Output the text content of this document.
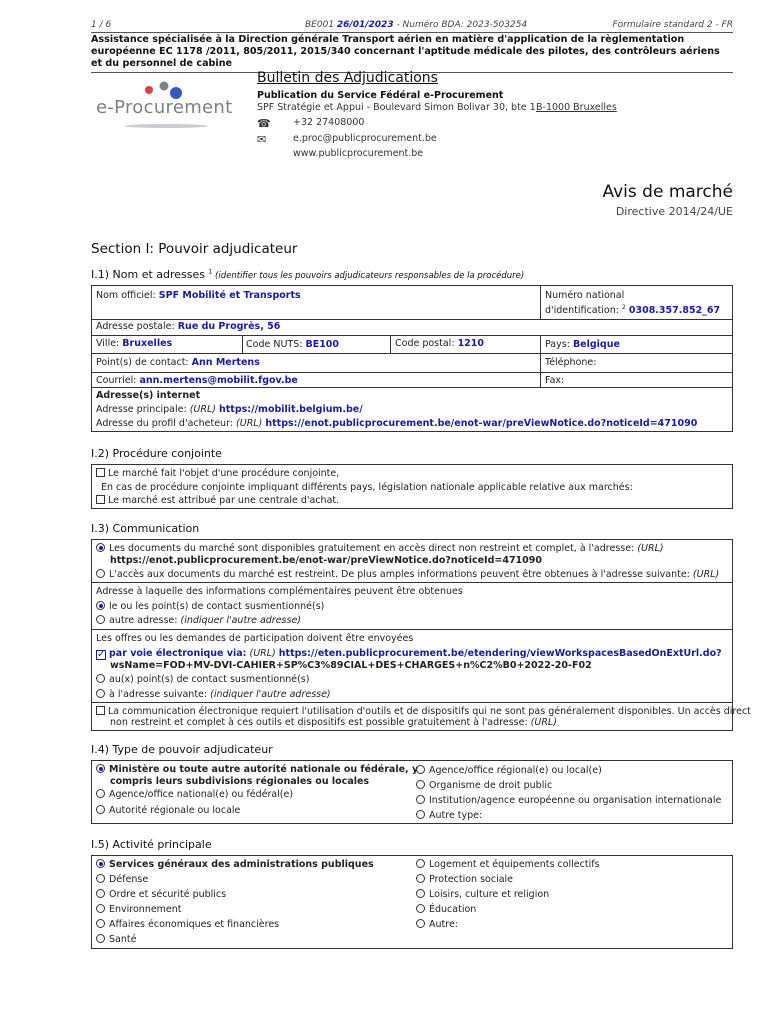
1 / 6	BE001 26/01/2023 - Numéro BDA: 2023-503254	Formulaire standard 2 - FR
Assistance spécialisée à la Direction générale Transport aérien en matière d'application de la règlementation européenne EC 1178 /2011, 805/2011, 2015/340 concernant l'aptitude médicale des pilotes, des contrôleurs aériens et du personnel de cabine
e-Procurement
Bulletin des Adjudications
Publication du Service Fédéral e-Procurement
SPF Stratégie et Appui - Boulevard Simon Bolivar 30, bte 1 B-1000 Bruxelles
☎ +32 27408000
✉	e.proc@publicprocurement.be
www.publicprocurement.be
Avis de marché
Directive 2014/24/UE
Section I: Pouvoir adjudicateur
I.1) Nom et adresses $^1$ (identifier tous les pouvoirs adjudicateurs responsables de la procédure)
Nom officiel: SPF Mobilité et Transports	Numéro national
d'identification: $^2$ 0308.357.852_67
Adresse postale: Rue du Progrès, 56
Ville: Bruxelles	Code NUTS: BE100	Code postal: 1210	Pays: Belgique
Point(s) de contact: Ann Mertens	Téléphone:
Courriel: ann.mertens@mobilit.fgov.be	Fax:
Adresse(s) internet
Adresse principale: (URL) https://mobilit.belgium.be/
Adresse du profil d'acheteur: (URL) https://enot.publicprocurement.be/enot-war/preViewNotice.do?noticeId=471090
I.2) Procédure conjointe
Le marché fait l'objet d'une procédure conjointe,
En cas de procédure conjointe impliquant différents pays, législation nationale applicable relative aux marchés:
Le marché est attribué par une centrale d'achat.
I.3) Communication
Les documents du marché sont disponibles gratuitement en accès direct non restreint et complet, à l'adresse: (URL)
https://enot.publicprocurement.be/enot-war/preViewNotice.do?noticeId=471090
L'accès aux documents du marché est restreint. De plus amples informations peuvent être obtenues à l'adresse suivante: (URL)
Adresse à laquelle des informations complémentaires peuvent être obtenues
le ou les point(s) de contact susmentionné(s)
autre adresse: (indiquer l'autre adresse)
Les offres ou les demandes de participation doivent être envoyées
✓ par voie électronique via: (URL) https://eten.publicprocurement.be/etendering/viewWorkspacesBasedOnExtUrl.do?
wsName=FOD+MV-DVI-CAHIER+SP%C3%89CIAL+DES+CHARGES+n%C2%B0+2022-20-F02
au(x) point(s) de contact susmentionné(s)
à l'adresse suivante: (indiquer l'autre adresse)
La communication électronique requiert l'utilisation d'outils et de dispositifs qui ne sont pas généralement disponibles. Un accès direct
non restreint et complet à ces outils et dispositifs est possible gratuitement à l'adresse: (URL)
I.4) Type de pouvoir adjudicateur
Ministère ou toute autre autorité nationale ou fédérale, y
compris leurs subdivisions régionales ou locales
Agence/office national(e) ou fédéral(e)
Autorité régionale ou locale
Agence/office régional(e) ou local(e)
Organisme de droit public
Institution/agence européenne ou organisation internationale
Autre type:
I.5) Activité principale
Services généraux des administrations publiques
Défense
Ordre et sécurité publics
Environnement
Affaires économiques et financières
Santé
Logement et équipements collectifs
Protection sociale
Loisirs, culture et religion
Éducation
Autre:
